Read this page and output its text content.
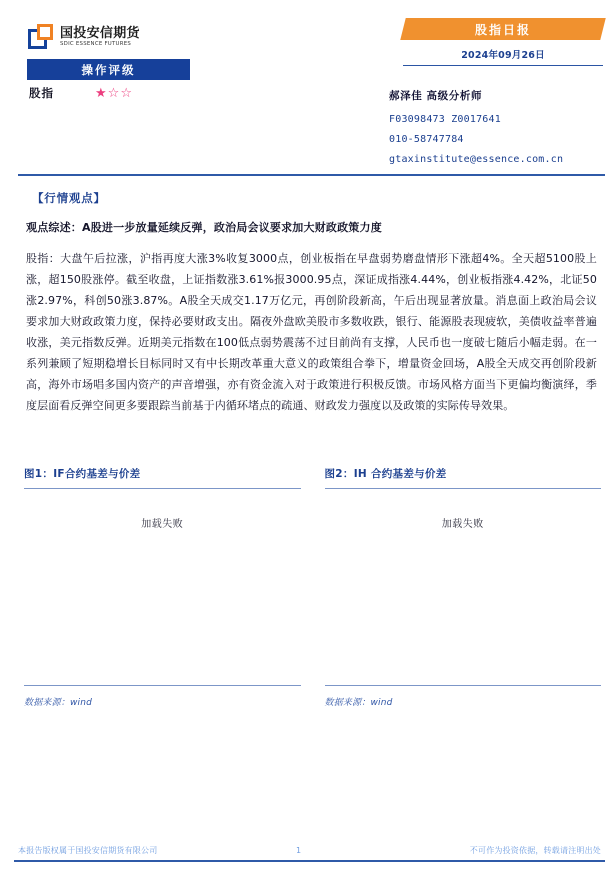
国投安信期货
SDIC ESSENCE FUTURES
操作评级
股指	★ ☆ ☆
股指日报
2024年09月26日
郝泽佳 高级分析师
F03098473 Z0017641
010-58747784
gtaxinstitute@essence.com.cn
【行情观点】
观点综述：A股进一步放量延续反弹，政治局会议要求加大财政政策力度

股指：大盘午后拉涨，沪指再度大涨3%收复3000点，创业板指在早盘弱势磨盘情形下涨超4%。全天超5100股上涨，超150股涨停。截至收盘，上证指数涨3.61%报3000.95点，深证成指涨4.44%，创业板指涨4.42%，北证50涨2.97%，科创50涨3.87%。A股全天成交1.17万亿元，再创阶段新高，午后出现显著放量。消息面上政治局会议要求加大财政政策力度，保持必要财政支出。隔夜外盘欧美股市多数收跌，银行、能源股表现疲软，美债收益率普遍收涨，美元指数反弹。近期美元指数在100低点弱势震荡不过目前尚有支撑，人民币也一度破七随后小幅走弱。在一系列兼顾了短期稳增长目标同时又有中长期改革重大意义的政策组合拳下，增量资金回场，A股全天成交再创阶段新高，海外市场唱多国内资产的声音增强，亦有资金流入对于政策进行积极反馈。市场风格方面当下更偏均衡演绎，季度层面看反弹空间更多要跟踪当前基于内循环堵点的疏通、财政发力强度以及政策的实际传导效果。

图1：IF合约基差与价差
加载失败
数据来源：wind
图2：IH 合约基差与价差
加载失败
数据来源：wind
本报告版权属于国投安信期货有限公司	1	不可作为投资依据，转载请注明出处
